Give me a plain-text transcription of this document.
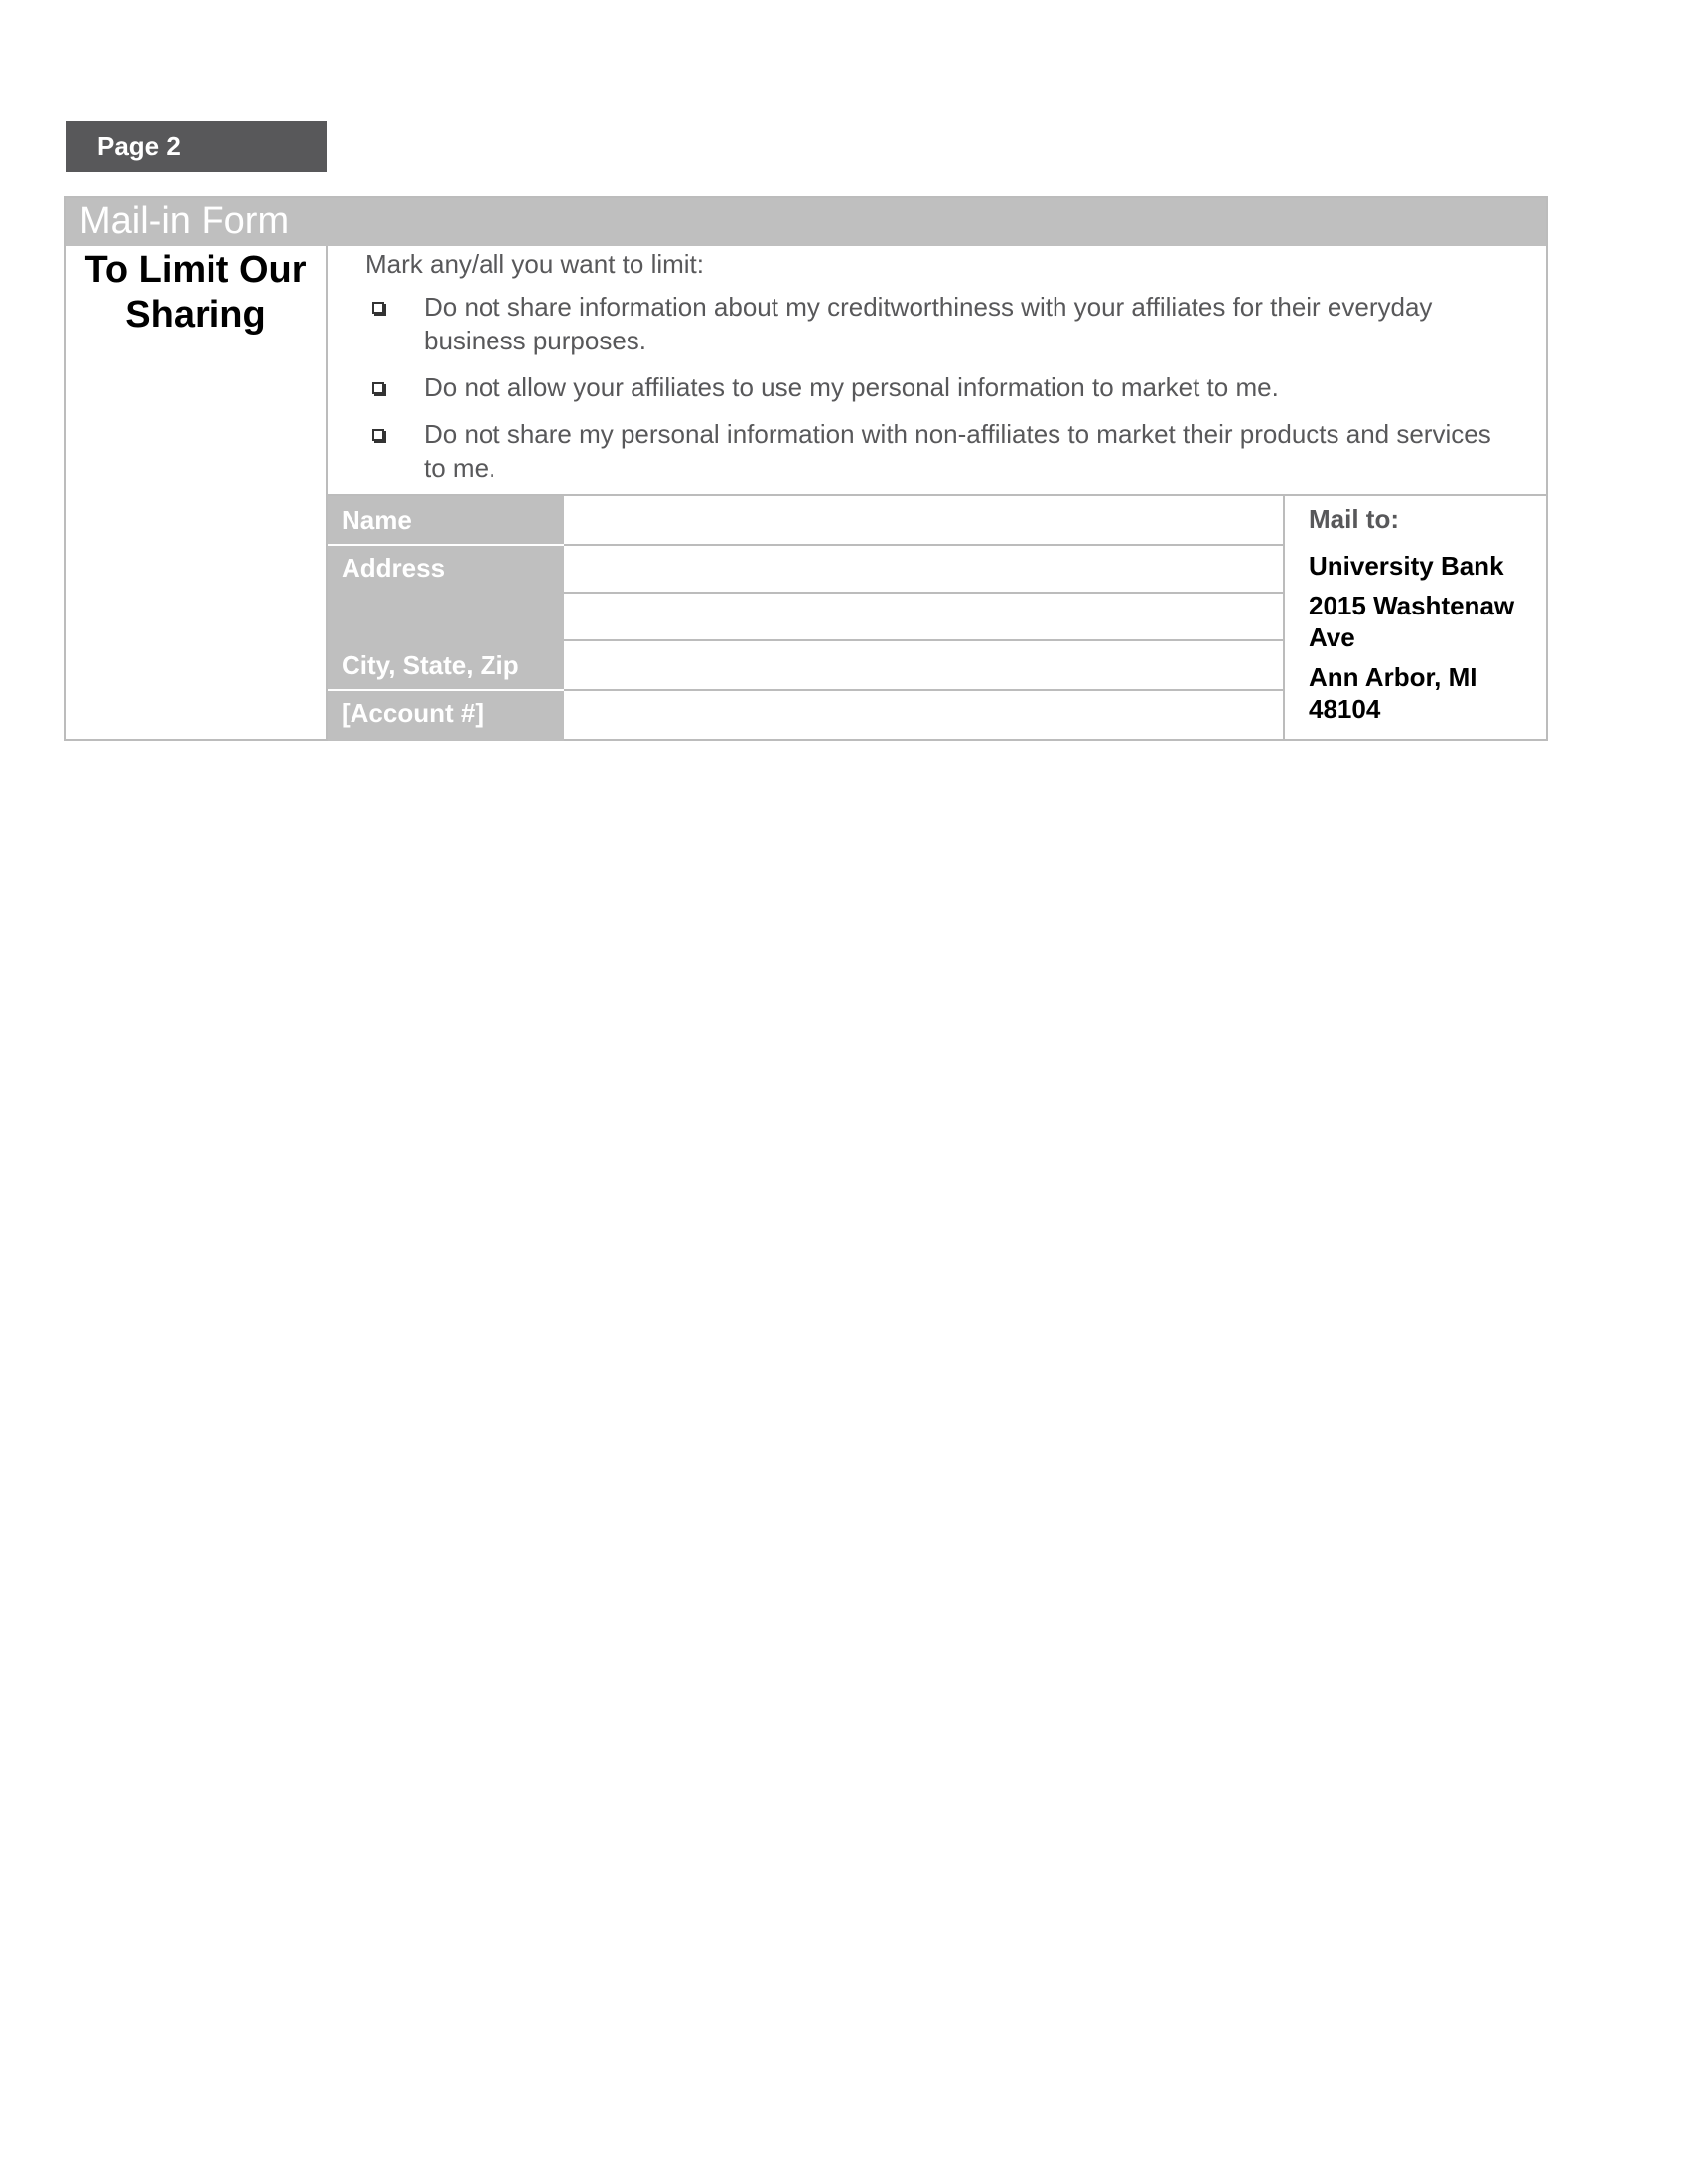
Page 2
Mail-in Form
To Limit Our Sharing
Mark any/all you want to limit:
Do not share information about my creditworthiness with your affiliates for their everyday business purposes.
Do not allow your affiliates to use my personal information to market to me.
Do not share my personal information with non-affiliates to market their products and services to me.
Name
Address
City, State, Zip
[Account #]
Mail to:
University Bank
2015 Washtenaw Ave
Ann Arbor, MI 48104
